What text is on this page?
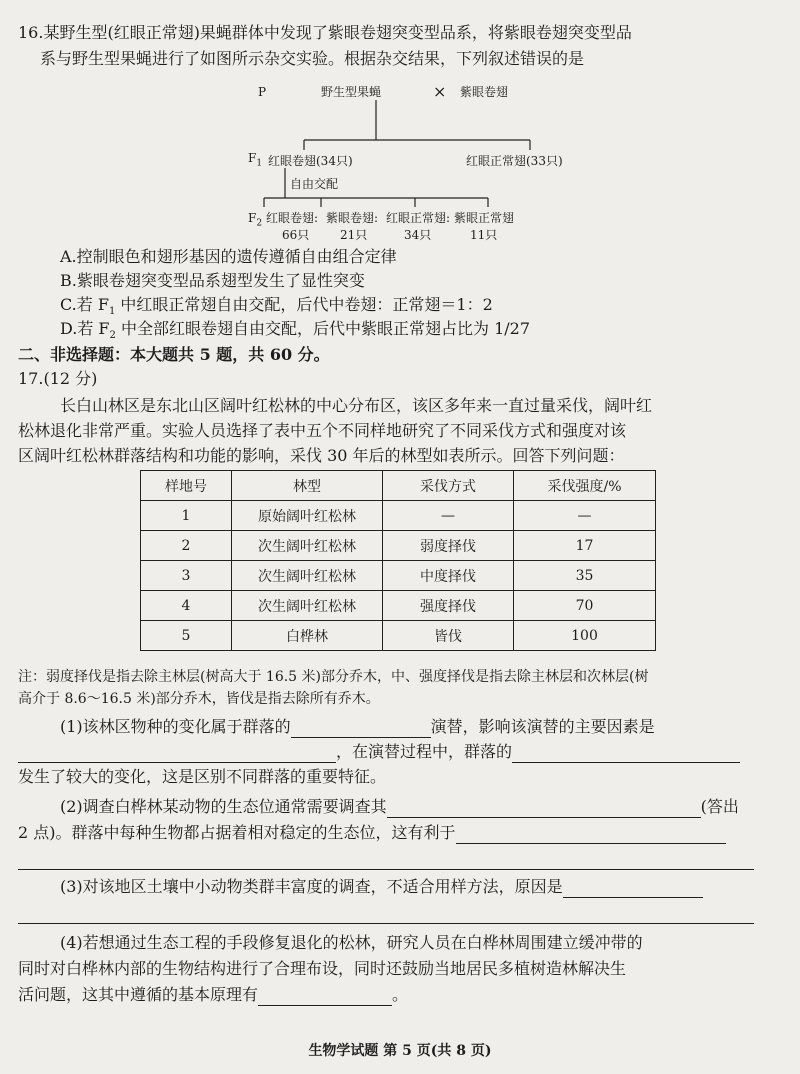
16.某野生型(红眼正常翅)果蝇群体中发现了紫眼卷翅突变型品系，将紫眼卷翅突变型品
系与野生型果蝇进行了如图所示杂交实验。根据杂交结果，下列叙述错误的是
P	野生型果蝇	× 紫眼卷翅
$F_1$ 红眼卷翅(34只)	红眼正常翅(33只)
自由交配
$F_2$ 红眼卷翅: 紫眼卷翅: 红眼正常翅: 紫眼正常翅
66只	21只	34只	11只
A.控制眼色和翅形基因的遗传遵循自由组合定律
B.紫眼卷翅突变型品系翅型发生了显性突变
C.若 $F_1$ 中红眼正常翅自由交配，后代中卷翅：正常翅＝1：2
D.若 $F_2$ 中全部红眼卷翅自由交配，后代中紫眼正常翅占比为 1/27
二、非选择题：本大题共 5 题，共 60 分。
17.(12 分)
长白山林区是东北山区阔叶红松林的中心分布区，该区多年来一直过量采伐，阔叶红
松林退化非常严重。实验人员选择了表中五个不同样地研究了不同采伐方式和强度对该
区阔叶红松林群落结构和功能的影响，采伐 30 年后的林型如表所示。回答下列问题：
样地号	林型	采伐方式	采伐强度/%
1	原始阔叶红松林	—	—
2	次生阔叶红松林	弱度择伐	17
3	次生阔叶红松林	中度择伐	35
4	次生阔叶红松林	强度择伐	70
5	白桦林	皆伐	100
注：弱度择伐是指去除主林层(树高大于 16.5 米)部分乔木，中、强度择伐是指去除主林层和次林层(树
高介于 8.6～16.5 米)部分乔木，皆伐是指去除所有乔木。
(1)该林区物种的变化属于群落的	演替，影响该演替的主要因素是
，在演替过程中，群落的
发生了较大的变化，这是区别不同群落的重要特征。
(2)调查白桦林某动物的生态位通常需要调查其	(答出
2 点)。群落中每种生物都占据着相对稳定的生态位，这有利于
(3)对该地区土壤中小动物类群丰富度的调查，不适合用样方法，原因是
(4)若想通过生态工程的手段修复退化的松林，研究人员在白桦林周围建立缓冲带的
同时对白桦林内部的生物结构进行了合理布设，同时还鼓励当地居民多植树造林解决生
活问题，这其中遵循的基本原理有	。
生物学试题 第 5 页(共 8 页)
